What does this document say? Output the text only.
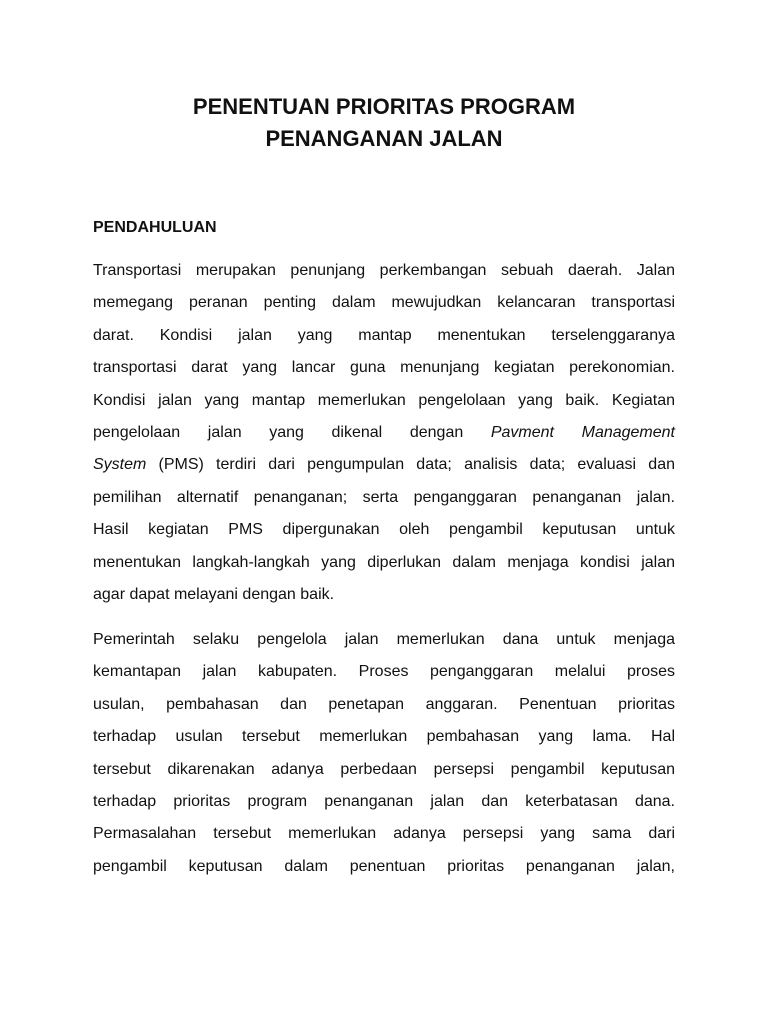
PENENTUAN PRIORITAS PROGRAM
PENANGANAN JALAN
PENDAHULUAN

Transportasi merupakan penunjang perkembangan sebuah daerah. Jalan
memegang peranan penting dalam mewujudkan kelancaran transportasi
darat. Kondisi jalan yang mantap menentukan terselenggaranya
transportasi darat yang lancar guna menunjang kegiatan perekonomian.
Kondisi jalan yang mantap memerlukan pengelolaan yang baik. Kegiatan
pengelolaan jalan yang dikenal dengan Pavment Management
System (PMS) terdiri dari pengumpulan data; analisis data; evaluasi dan
pemilihan alternatif penanganan; serta penganggaran penanganan jalan.
Hasil kegiatan PMS dipergunakan oleh pengambil keputusan untuk
menentukan langkah-langkah yang diperlukan dalam menjaga kondisi jalan
agar dapat melayani dengan baik.

Pemerintah selaku pengelola jalan memerlukan dana untuk menjaga
kemantapan jalan kabupaten. Proses penganggaran melalui proses
usulan, pembahasan dan penetapan anggaran. Penentuan prioritas
terhadap usulan tersebut memerlukan pembahasan yang lama. Hal
tersebut dikarenakan adanya perbedaan persepsi pengambil keputusan
terhadap prioritas program penanganan jalan dan keterbatasan dana.
Permasalahan tersebut memerlukan adanya persepsi yang sama dari
pengambil keputusan dalam penentuan prioritas penanganan jalan,
